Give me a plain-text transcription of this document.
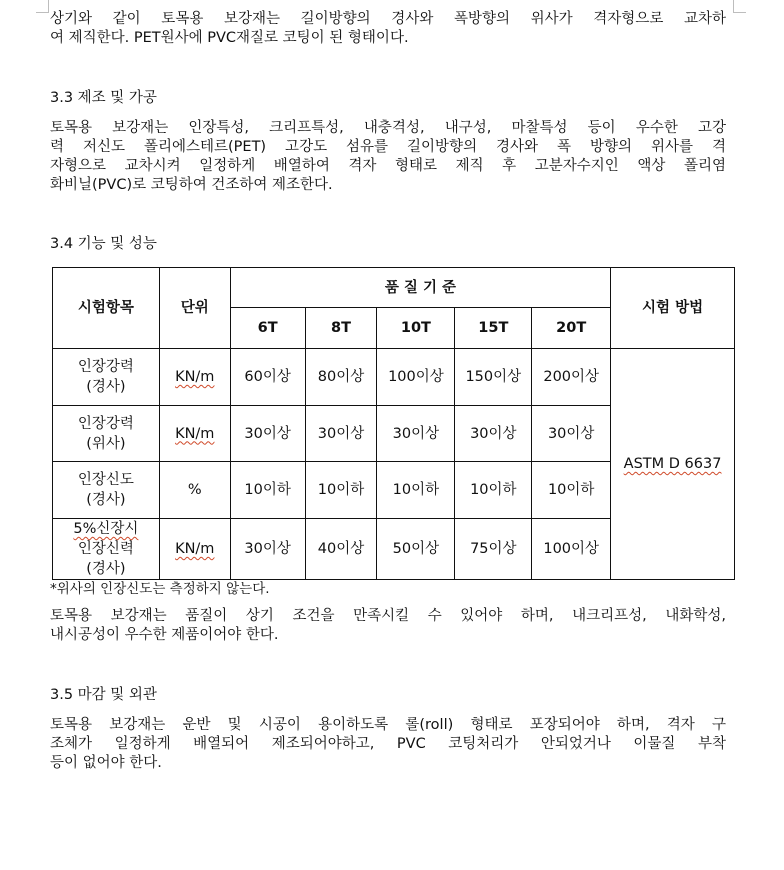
상기와 같이 토목용 보강재는 길이방향의 경사와 폭방향의 위사가 격자형으로 교차하
여 제직한다. PET원사에 PVC재질로 코팅이 된 형태이다.
3.3 제조 및 가공
토목용 보강재는 인장특성, 크리프특성, 내충격성, 내구성, 마찰특성 등이 우수한 고강
력 저신도 폴리에스테르(PET) 고강도 섬유를 길이방향의 경사와 폭 방향의 위사를 격
자형으로 교차시켜 일정하게 배열하여 격자 형태로 제직 후 고분자수지인 액상 폴리염
화비닐(PVC)로 코팅하여 건조하여 제조한다.
3.4 기능 및 성능
시험항목	단위	품 질 기 준					시험 방법
		6T	8T	10T	15T	20T	

인장강력
(경사)	KN/m	60이상	80이상	100이상	150이상	200이상	ASTM D 6637

인장강력
(위사)	KN/m	30이상	30이상	30이상	30이상	30이상	

인장신도
(경사)	%	10이하	10이하	10이하	10이하	10이하	

5%신장시
인장신력
(경사)	KN/m	30이상	40이상	50이상	75이상	100이상	
*위사의 인장신도는 측정하지 않는다.
토목용 보강재는 품질이 상기 조건을 만족시킬 수 있어야 하며, 내크리프성, 내화학성,
내시공성이 우수한 제품이어야 한다.
3.5 마감 및 외관
토목용 보강재는 운반 및 시공이 용이하도록 롤(roll) 형태로 포장되어야 하며, 격자 구
조체가 일정하게 배열되어 제조되어야하고, PVC 코팅처리가 안되었거나 이물질 부착
등이 없어야 한다.
